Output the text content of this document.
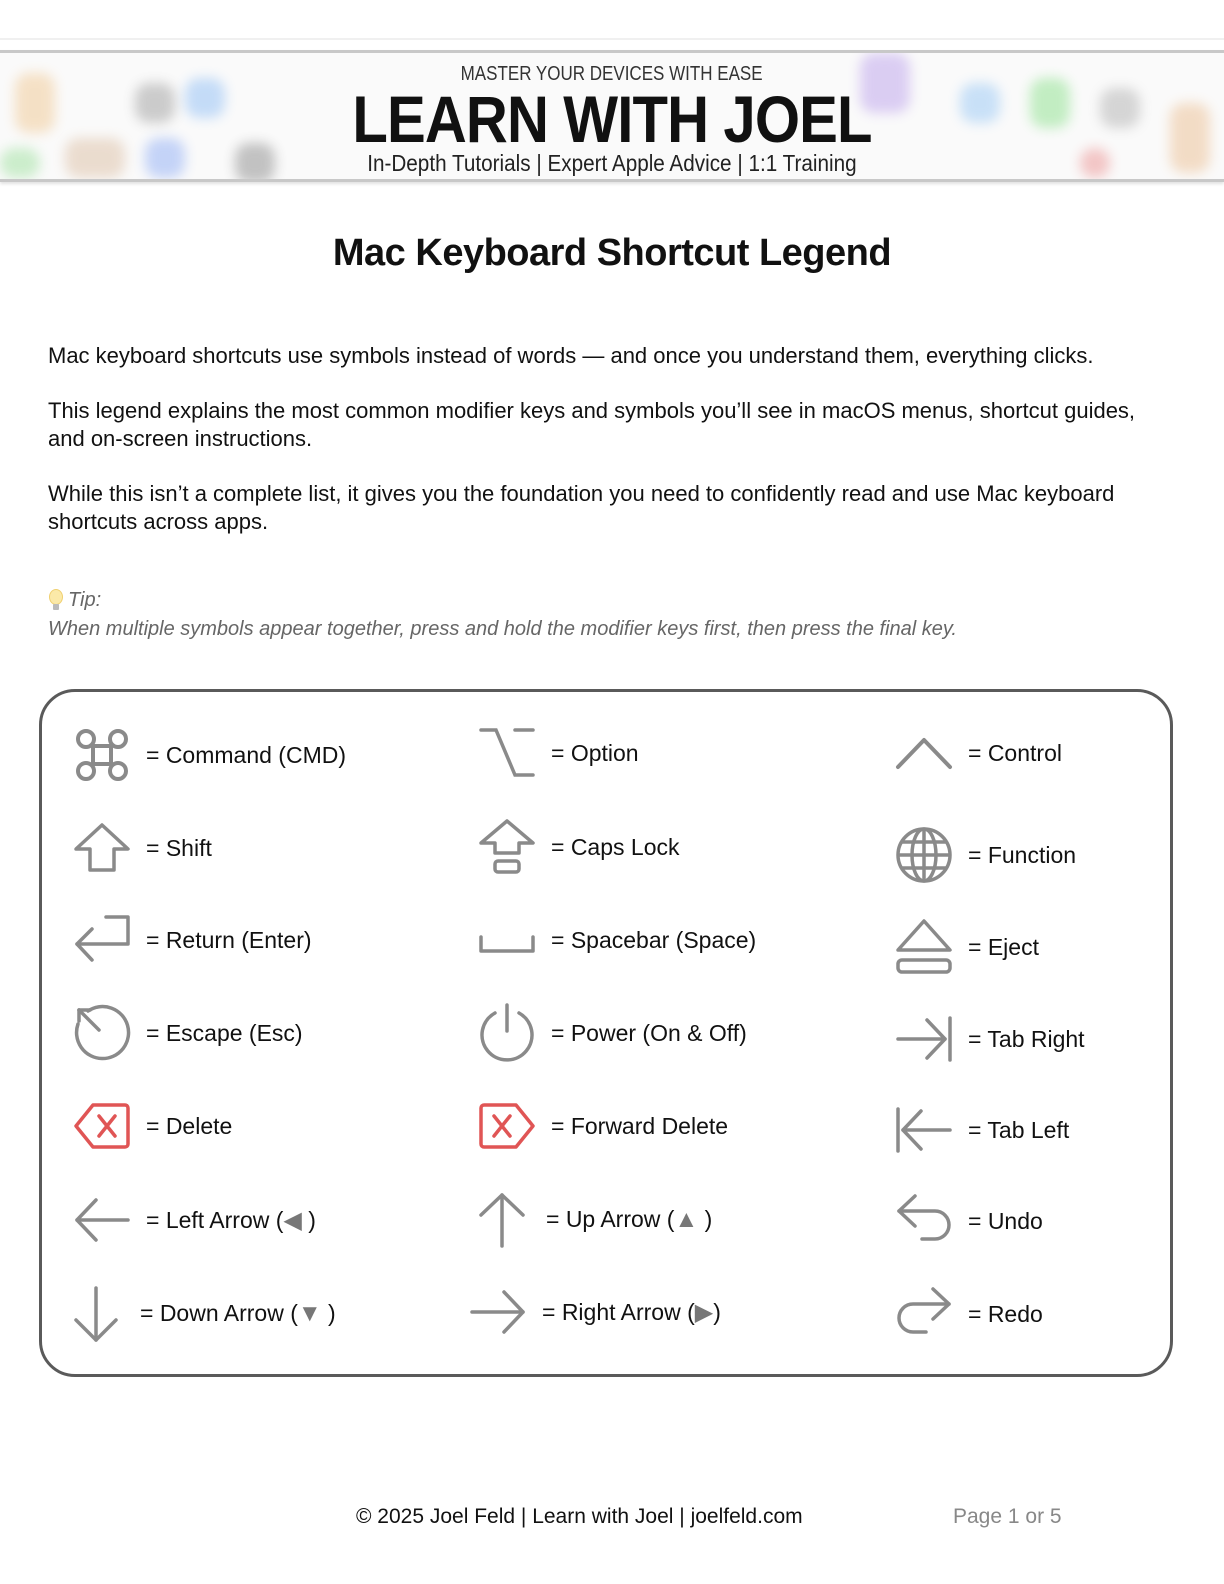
MASTER YOUR DEVICES WITH EASE
LEARN WITH JOEL
In-Depth Tutorials | Expert Apple Advice | 1:1 Training
Mac Keyboard Shortcut Legend

Mac keyboard shortcuts use symbols instead of words — and once you understand them, everything clicks.

This legend explains the most common modifier keys and symbols you’ll see in macOS menus, shortcut guides, and on-screen instructions.

While this isn’t a complete list, it gives you the foundation you need to confidently read and use Mac keyboard shortcuts across apps.

Tip:
When multiple symbols appear together, press and hold the modifier keys first, then press the final key.
= Command (CMD)
= Shift
= Return (Enter)
= Escape (Esc)
= Delete
= Left Arrow (◀ )
= Down Arrow (▼ )
= Option
= Caps Lock
= Spacebar (Space)
= Power (On & Off)
= Forward Delete
= Up Arrow (▲ )
= Right Arrow (▶)
= Control
= Function
= Eject
= Tab Right
= Tab Left
= Undo
= Redo
© 2025 Joel Feld | Learn with Joel | joelfeld.com	Page 1 or 5
